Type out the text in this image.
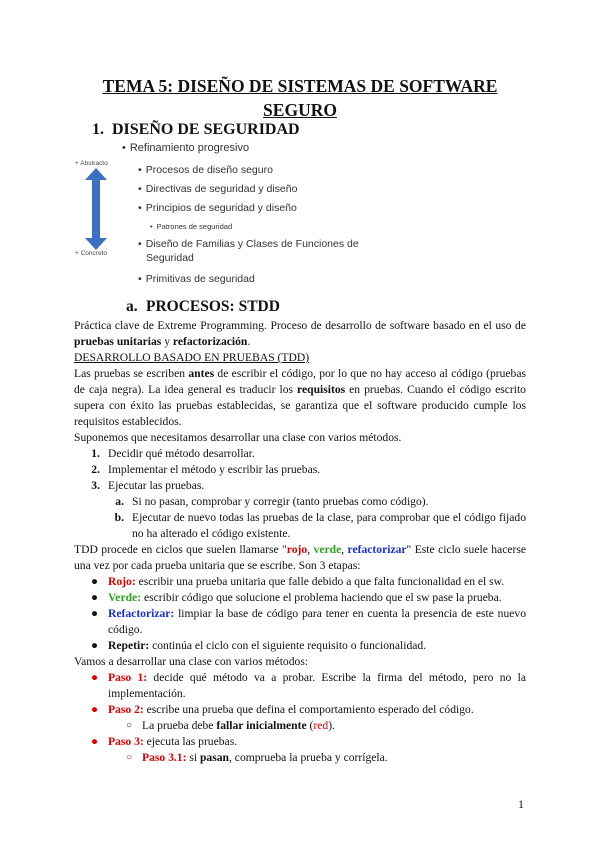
TEMA 5: DISEÑO DE SISTEMAS DE SOFTWARE
SEGURO
1. DISEÑO DE SEGURIDAD
+ Abstracto
+ Concreto
• Refinamiento progresivo
• Procesos de diseño seguro
• Directivas de seguridad y diseño
• Principios de seguridad y diseño
• Patrones de seguridad
• Diseño de Familias y Clases de Funciones de
Seguridad
• Primitivas de seguridad
a. PROCESOS: STDD

Práctica clave de Extreme Programming. Proceso de desarrollo de software basado en el uso de pruebas unitarias y refactorización.

DESARROLLO BASADO EN PRUEBAS (TDD)

Las pruebas se escriben antes de escribir el código, por lo que no hay acceso al código (pruebas de caja negra). La idea general es traducir los requisitos en pruebas. Cuando el código escrito supera con éxito las pruebas establecidas, se garantiza que el software producido cumple los requisitos establecidos.

Suponemos que necesitamos desarrollar una clase con varios métodos.

1. Decidir qué método desarrollar.
2. Implementar el método y escribir las pruebas.
3. Ejecutar las pruebas.
a. Si no pasan, comprobar y corregir (tanto pruebas como código).
b. Ejecutar de nuevo todas las pruebas de la clase, para comprobar que el código fijado no ha alterado el código existente.

TDD procede en ciclos que suelen llamarse "rojo, verde, refactorizar" Este ciclo suele hacerse una vez por cada prueba unitaria que se escribe. Son 3 etapas:

● Rojo: escribir una prueba unitaria que falle debido a que falta funcionalidad en el sw.
● Verde: escribir código que solucione el problema haciendo que el sw pase la prueba.
● Refactorizar: limpiar la base de código para tener en cuenta la presencia de este nuevo código.
● Repetir: continúa el ciclo con el siguiente requisito o funcionalidad.

Vamos a desarrollar una clase con varios métodos:

● Paso 1: decide qué método va a probar. Escribe la firma del método, pero no la implementación.
● Paso 2: escribe una prueba que defina el comportamiento esperado del código.
○ La prueba debe fallar inicialmente (red).
● Paso 3: ejecuta las pruebas.
○ Paso 3.1: si pasan, comprueba la prueba y corrígela.
1
